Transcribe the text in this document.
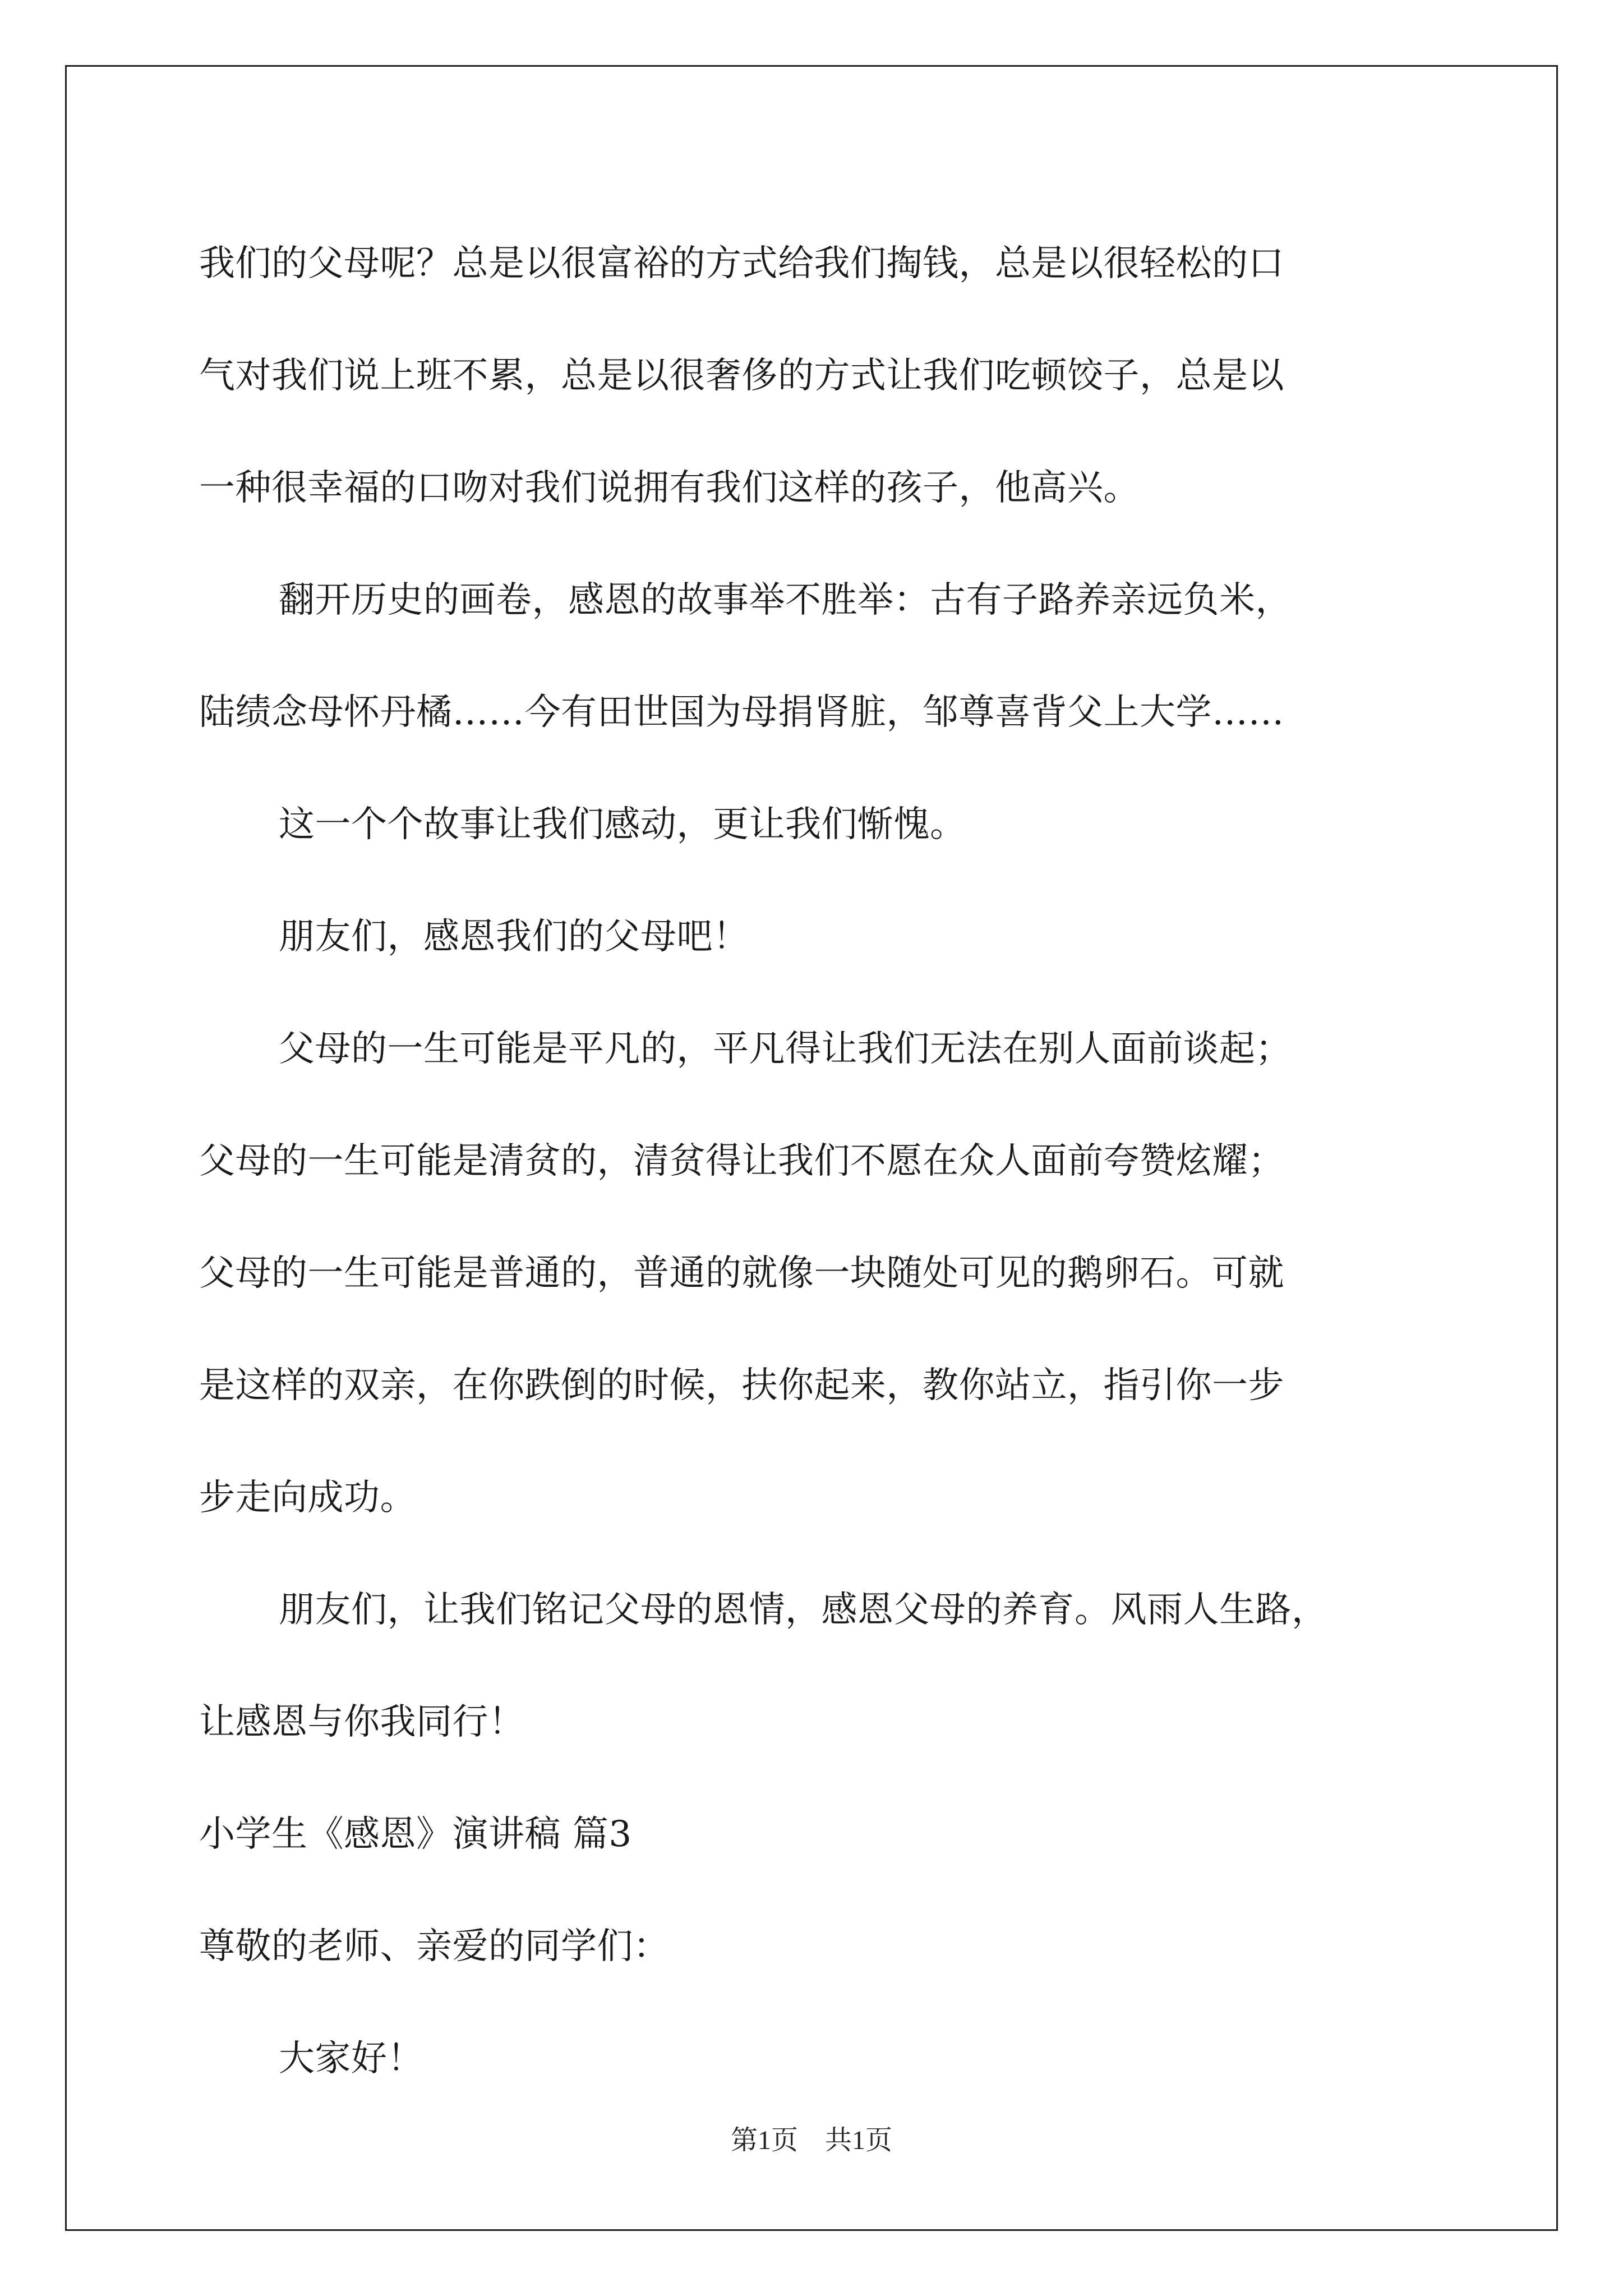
我们的父母呢？总是以很富裕的方式给我们掏钱，总是以很轻松的口
气对我们说上班不累，总是以很奢侈的方式让我们吃顿饺子，总是以
一种很幸福的口吻对我们说拥有我们这样的孩子，他高兴。
翻开历史的画卷，感恩的故事举不胜举：古有子路养亲远负米，
陆绩念母怀丹橘……今有田世国为母捐肾脏，邹尊喜背父上大学……
这一个个故事让我们感动，更让我们惭愧。
朋友们，感恩我们的父母吧！
父母的一生可能是平凡的，平凡得让我们无法在别人面前谈起；
父母的一生可能是清贫的，清贫得让我们不愿在众人面前夸赞炫耀；
父母的一生可能是普通的，普通的就像一块随处可见的鹅卵石。可就
是这样的双亲，在你跌倒的时候，扶你起来，教你站立，指引你一步
步走向成功。
朋友们，让我们铭记父母的恩情，感恩父母的养育。风雨人生路，
让感恩与你我同行！
小学生《感恩》演讲稿 篇3
尊敬的老师、亲爱的同学们：
大家好！
第1页　共1页
